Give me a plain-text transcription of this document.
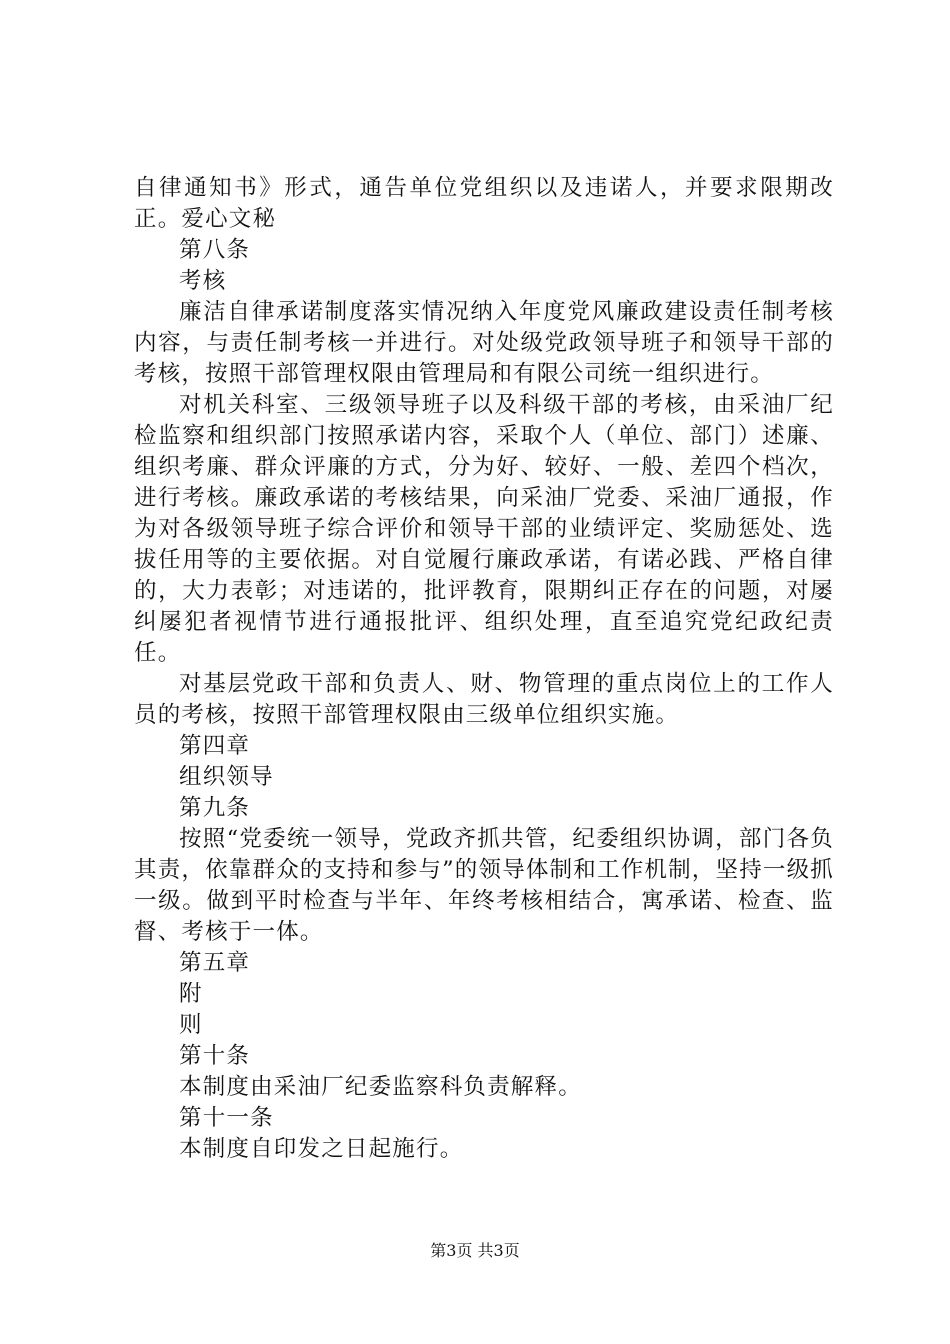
自律通知书》形式，通告单位党组织以及违诺人，并要求限期改正。爱心文秘

第八条

考核

廉洁自律承诺制度落实情况纳入年度党风廉政建设责任制考核内容，与责任制考核一并进行。对处级党政领导班子和领导干部的考核，按照干部管理权限由管理局和有限公司统一组织进行。

对机关科室、三级领导班子以及科级干部的考核，由采油厂纪检监察和组织部门按照承诺内容，采取个人（单位、部门）述廉、组织考廉、群众评廉的方式，分为好、较好、一般、差四个档次，进行考核。廉政承诺的考核结果，向采油厂党委、采油厂通报，作为对各级领导班子综合评价和领导干部的业绩评定、奖励惩处、选拔任用等的主要依据。对自觉履行廉政承诺，有诺必践、严格自律的，大力表彰；对违诺的，批评教育，限期纠正存在的问题，对屡纠屡犯者视情节进行通报批评、组织处理，直至追究党纪政纪责任。

对基层党政干部和负责人、财、物管理的重点岗位上的工作人员的考核，按照干部管理权限由三级单位组织实施。

第四章

组织领导

第九条

按照“党委统一领导，党政齐抓共管，纪委组织协调，部门各负其责，依靠群众的支持和参与”的领导体制和工作机制，坚持一级抓一级。做到平时检查与半年、年终考核相结合，寓承诺、检查、监督、考核于一体。

第五章

附

则

第十条

本制度由采油厂纪委监察科负责解释。

第十一条

本制度自印发之日起施行。

第3页 共3页
